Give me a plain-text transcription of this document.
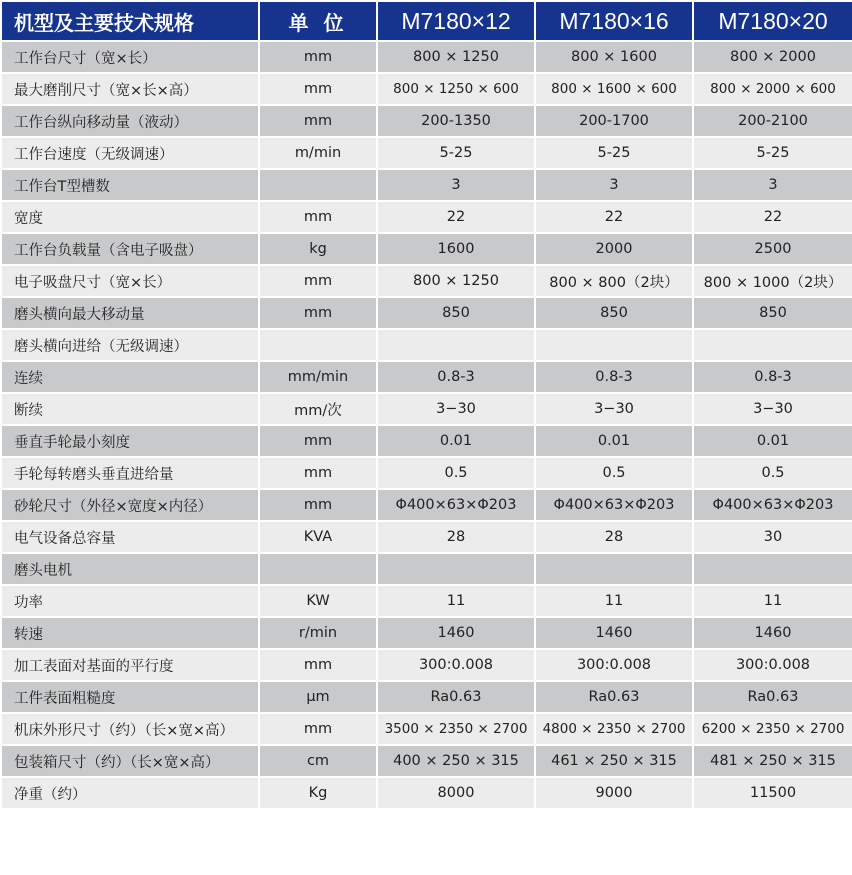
机型及主要技术规格	单 位	M7180×12	M7180×16	M7180×20
工作台尺寸（宽×长）	mm	800 × 1250	800 × 1600	800 × 2000
最大磨削尺寸（宽×长×高）	mm	800 × 1250 × 600	800 × 1600 × 600	800 × 2000 × 600
工作台纵向移动量（液动）	mm	200-1350	200-1700	200-2100
工作台速度（无级调速）	m/min	5-25	5-25	5-25
工作台T型槽数		3	3	3
宽度	mm	22	22	22
工作台负载量（含电子吸盘）	kg	1600	2000	2500
电子吸盘尺寸（宽×长）	mm	800 × 1250	800 × 800（2块）	800 × 1000（2块）
磨头横向最大移动量	mm	850	850	850
磨头横向进给（无级调速）				
连续	mm/min	0.8-3	0.8-3	0.8-3
断续	mm/次	3−30	3−30	3−30
垂直手轮最小刻度	mm	0.01	0.01	0.01
手轮每转磨头垂直进给量	mm	0.5	0.5	0.5
砂轮尺寸（外径×宽度×内径）	mm	Φ400×63×Φ203	Φ400×63×Φ203	Φ400×63×Φ203
电气设备总容量	KVA	28	28	30
磨头电机				
功率	KW	11	11	11
转速	r/min	1460	1460	1460
加工表面对基面的平行度	mm	300:0.008	300:0.008	300:0.008
工件表面粗糙度	μm	Ra0.63	Ra0.63	Ra0.63
机床外形尺寸（约）（长×宽×高）	mm	3500 × 2350 × 2700	4800 × 2350 × 2700	6200 × 2350 × 2700
包装箱尺寸（约）（长×宽×高）	cm	400 × 250 × 315	461 × 250 × 315	481 × 250 × 315
净重（约）	Kg	8000	9000	11500
